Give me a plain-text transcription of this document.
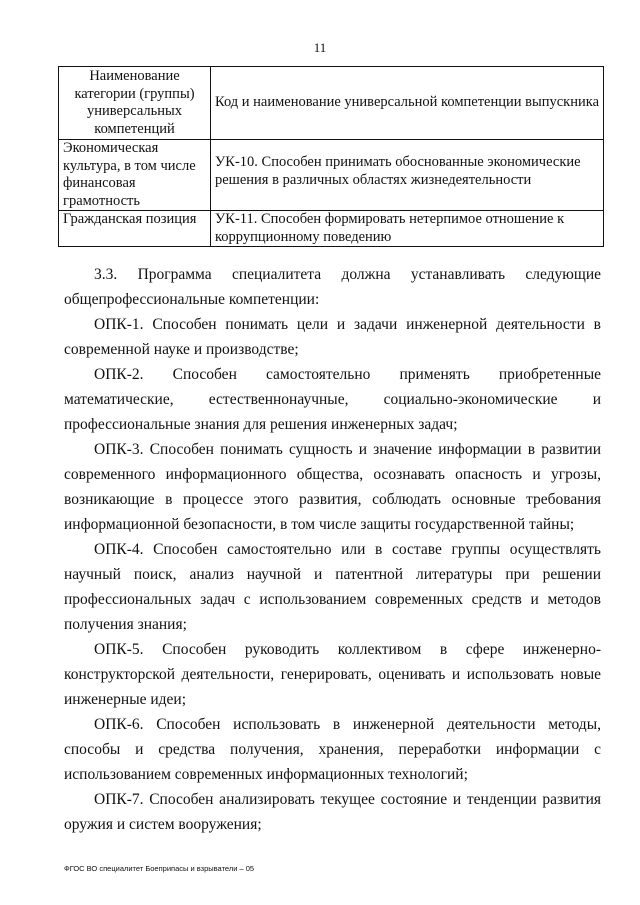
11
Наименование категории (группы) универсальных компетенций	Код и наименование универсальной компетенции выпускника
Экономическая культура, в том числе финансовая грамотность	УК-10. Способен принимать обоснованные экономические решения в различных областях жизнедеятельности
Гражданская позиция	УК-11. Способен формировать нетерпимое отношение к коррупционному поведению

3.3. Программа специалитета должна устанавливать следующие общепрофессиональные компетенции:

ОПК-1. Способен понимать цели и задачи инженерной деятельности в современной науке и производстве;

ОПК-2. Способен самостоятельно применять приобретенные математические, естественнонаучные, социально-экономические и профессиональные знания для решения инженерных задач;

ОПК-3. Способен понимать сущность и значение информации в развитии современного информационного общества, осознавать опасность и угрозы, возникающие в процессе этого развития, соблюдать основные требования информационной безопасности, в том числе защиты государственной тайны;

ОПК-4. Способен самостоятельно или в составе группы осуществлять научный поиск, анализ научной и патентной литературы при решении профессиональных задач с использованием современных средств и методов получения знания;

ОПК-5. Способен руководить коллективом в сфере инженерно-конструкторской деятельности, генерировать, оценивать и использовать новые инженерные идеи;

ОПК-6. Способен использовать в инженерной деятельности методы, способы и средства получения, хранения, переработки информации с использованием современных информационных технологий;

ОПК-7. Способен анализировать текущее состояние и тенденции развития оружия и систем вооружения;

ФГОС ВО специалитет Боеприпасы и взрыватели – 05
